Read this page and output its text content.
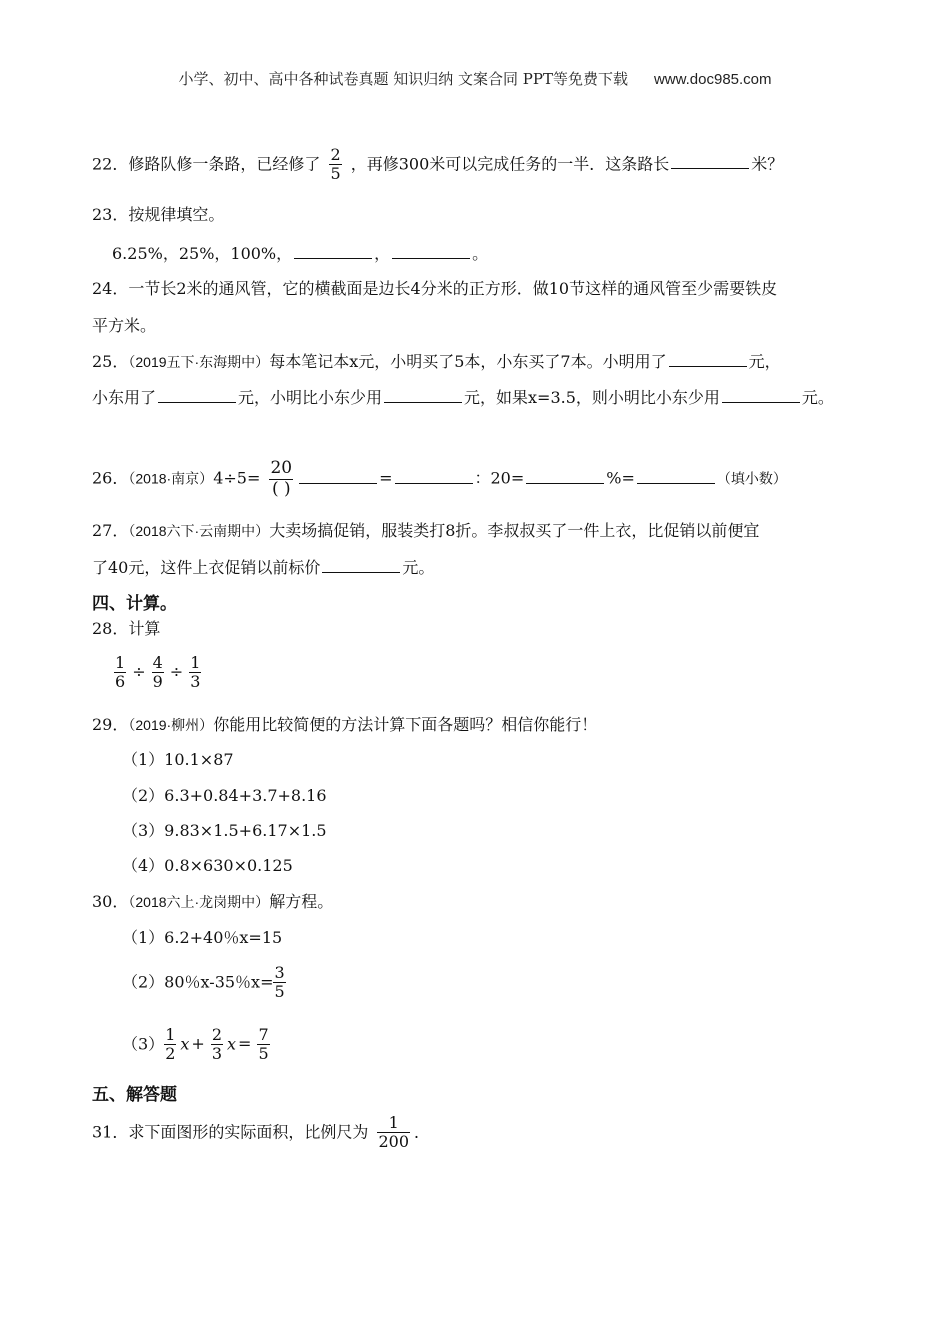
小学、初中、高中各种试卷真题 知识归纳 文案合同 PPT等免费下载 www.doc985.com
22．修路队修一条路，已经修了 $\frac{2}{5}$ ，再修300米可以完成任务的一半．这条路长	米？
23．按规律填空。
6.25%，25%，100%，	，	。
24．一节长2米的通风管，它的横截面是边长4分米的正方形．做10节这样的通风管至少需要铁皮
平方米。
25．（2019五下·东海期中）每本笔记本x元，小明买了5本，小东买了7本。小明用了	元，
小东用了	元，小明比小东少用	元，如果x=3.5，则小明比小东少用	元。
26．（2018·南京）$4\div 5= \frac{20}{( )}$	=	：20=	%=	（填小数）
27．（2018六下·云南期中）大卖场搞促销，服装类打8折。李叔叔买了一件上衣，比促销以前便宜
了40元，这件上衣促销以前标价	元。
四、计算。
28．计算
$\frac{1}{6} \div \frac{4}{9} \div \frac{1}{3}$
29．（2019·柳州）你能用比较简便的方法计算下面各题吗？相信你能行！
（1）10.1×87
（2）6.3+0.84+3.7+8.16
（3）9.83×1.5+6.17×1.5
（4）0.8×630×0.125
30．（2018六上·龙岗期中）解方程。
（1）6.2+40％x=15
（2）80％x-35％$x= \frac{3}{5}$
$(3) \frac{1}{2}$ $x + \frac{2}{3}$ $x = \frac{7}{5}$
五、解答题
31．求下面图形的实际面积，比例尺为 $\frac{1}{200}$ ．
